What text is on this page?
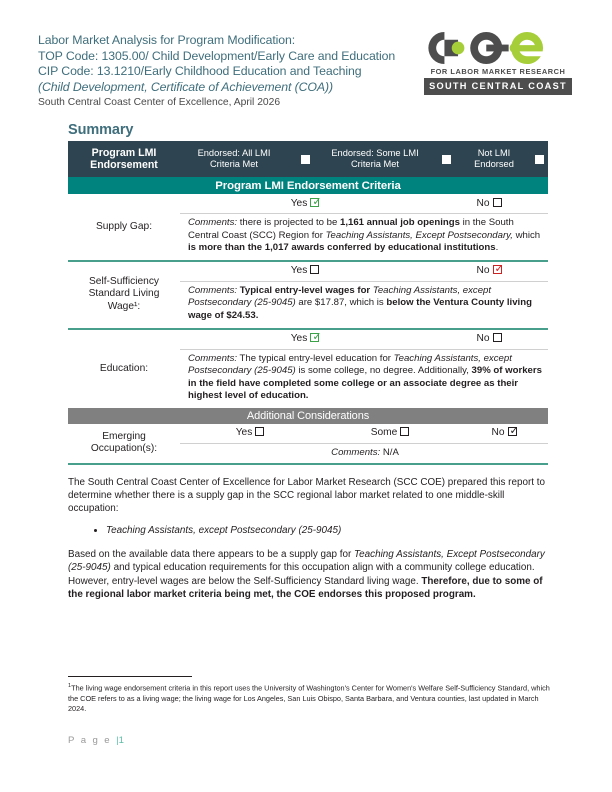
Labor Market Analysis for Program Modification:
TOP Code: 1305.00/ Child Development/Early Care and Education
CIP Code: 13.1210/Early Childhood Education and Teaching
(Child Development, Certificate of Achievement (COA))
South Central Coast Center of Excellence, April 2026
FOR LABOR MARKET RESEARCH
SOUTH CENTRAL COAST
Summary
Program LMI Endorsement	Endorsed: All LMI Criteria Met		Endorsed: Some LMI Criteria Met	✕	Not LMI Endorsed	
Program LMI Endorsement Criteria						
Supply Gap:	Yes ✓			No		
	Comments: there is projected to be 1,161 annual job openings in the South Central Coast (SCC) Region for Teaching Assistants, Except Postsecondary, which is more than the 1,017 awards conferred by educational institutions.					
Self-Sufficiency Standard Living Wage¹:	Yes			No ✓		

	Comments: Typical entry-level wages for Teaching Assistants, except Postsecondary (25-9045) are $17.87, which is below the Ventura County living wage of $24.53.					
Education:	Yes ✓			No		
	Comments: The typical entry-level education for Teaching Assistants, except Postsecondary (25-9045) is some college, no degree. Additionally, 39% of workers in the field have completed some college or an associate degree as their highest level of education.					
Additional Considerations						
Emerging Occupation(s):	Yes		Some		No ✓	

	Comments: N/A					

The South Central Coast Center of Excellence for Labor Market Research (SCC COE) prepared this report to determine whether there is a supply gap in the SCC regional labor market related to one middle-skill occupation:

• Teaching Assistants, except Postsecondary (25-9045)

Based on the available data there appears to be a supply gap for Teaching Assistants, Except Postsecondary (25-9045) and typical education requirements for this occupation align with a community college education. However, entry-level wages are below the Self-Sufficiency Standard living wage. Therefore, due to some of the regional labor market criteria being met, the COE endorses this proposed program.

$^1$The living wage endorsement criteria in this report uses the University of Washington's Center for Women's Welfare Self-Sufficiency Standard, which the COE refers to as a living wage; the living wage for Los Angeles, San Luis Obispo, Santa Barbara, and Ventura counties, last updated in March 2024.
P a g e |1
